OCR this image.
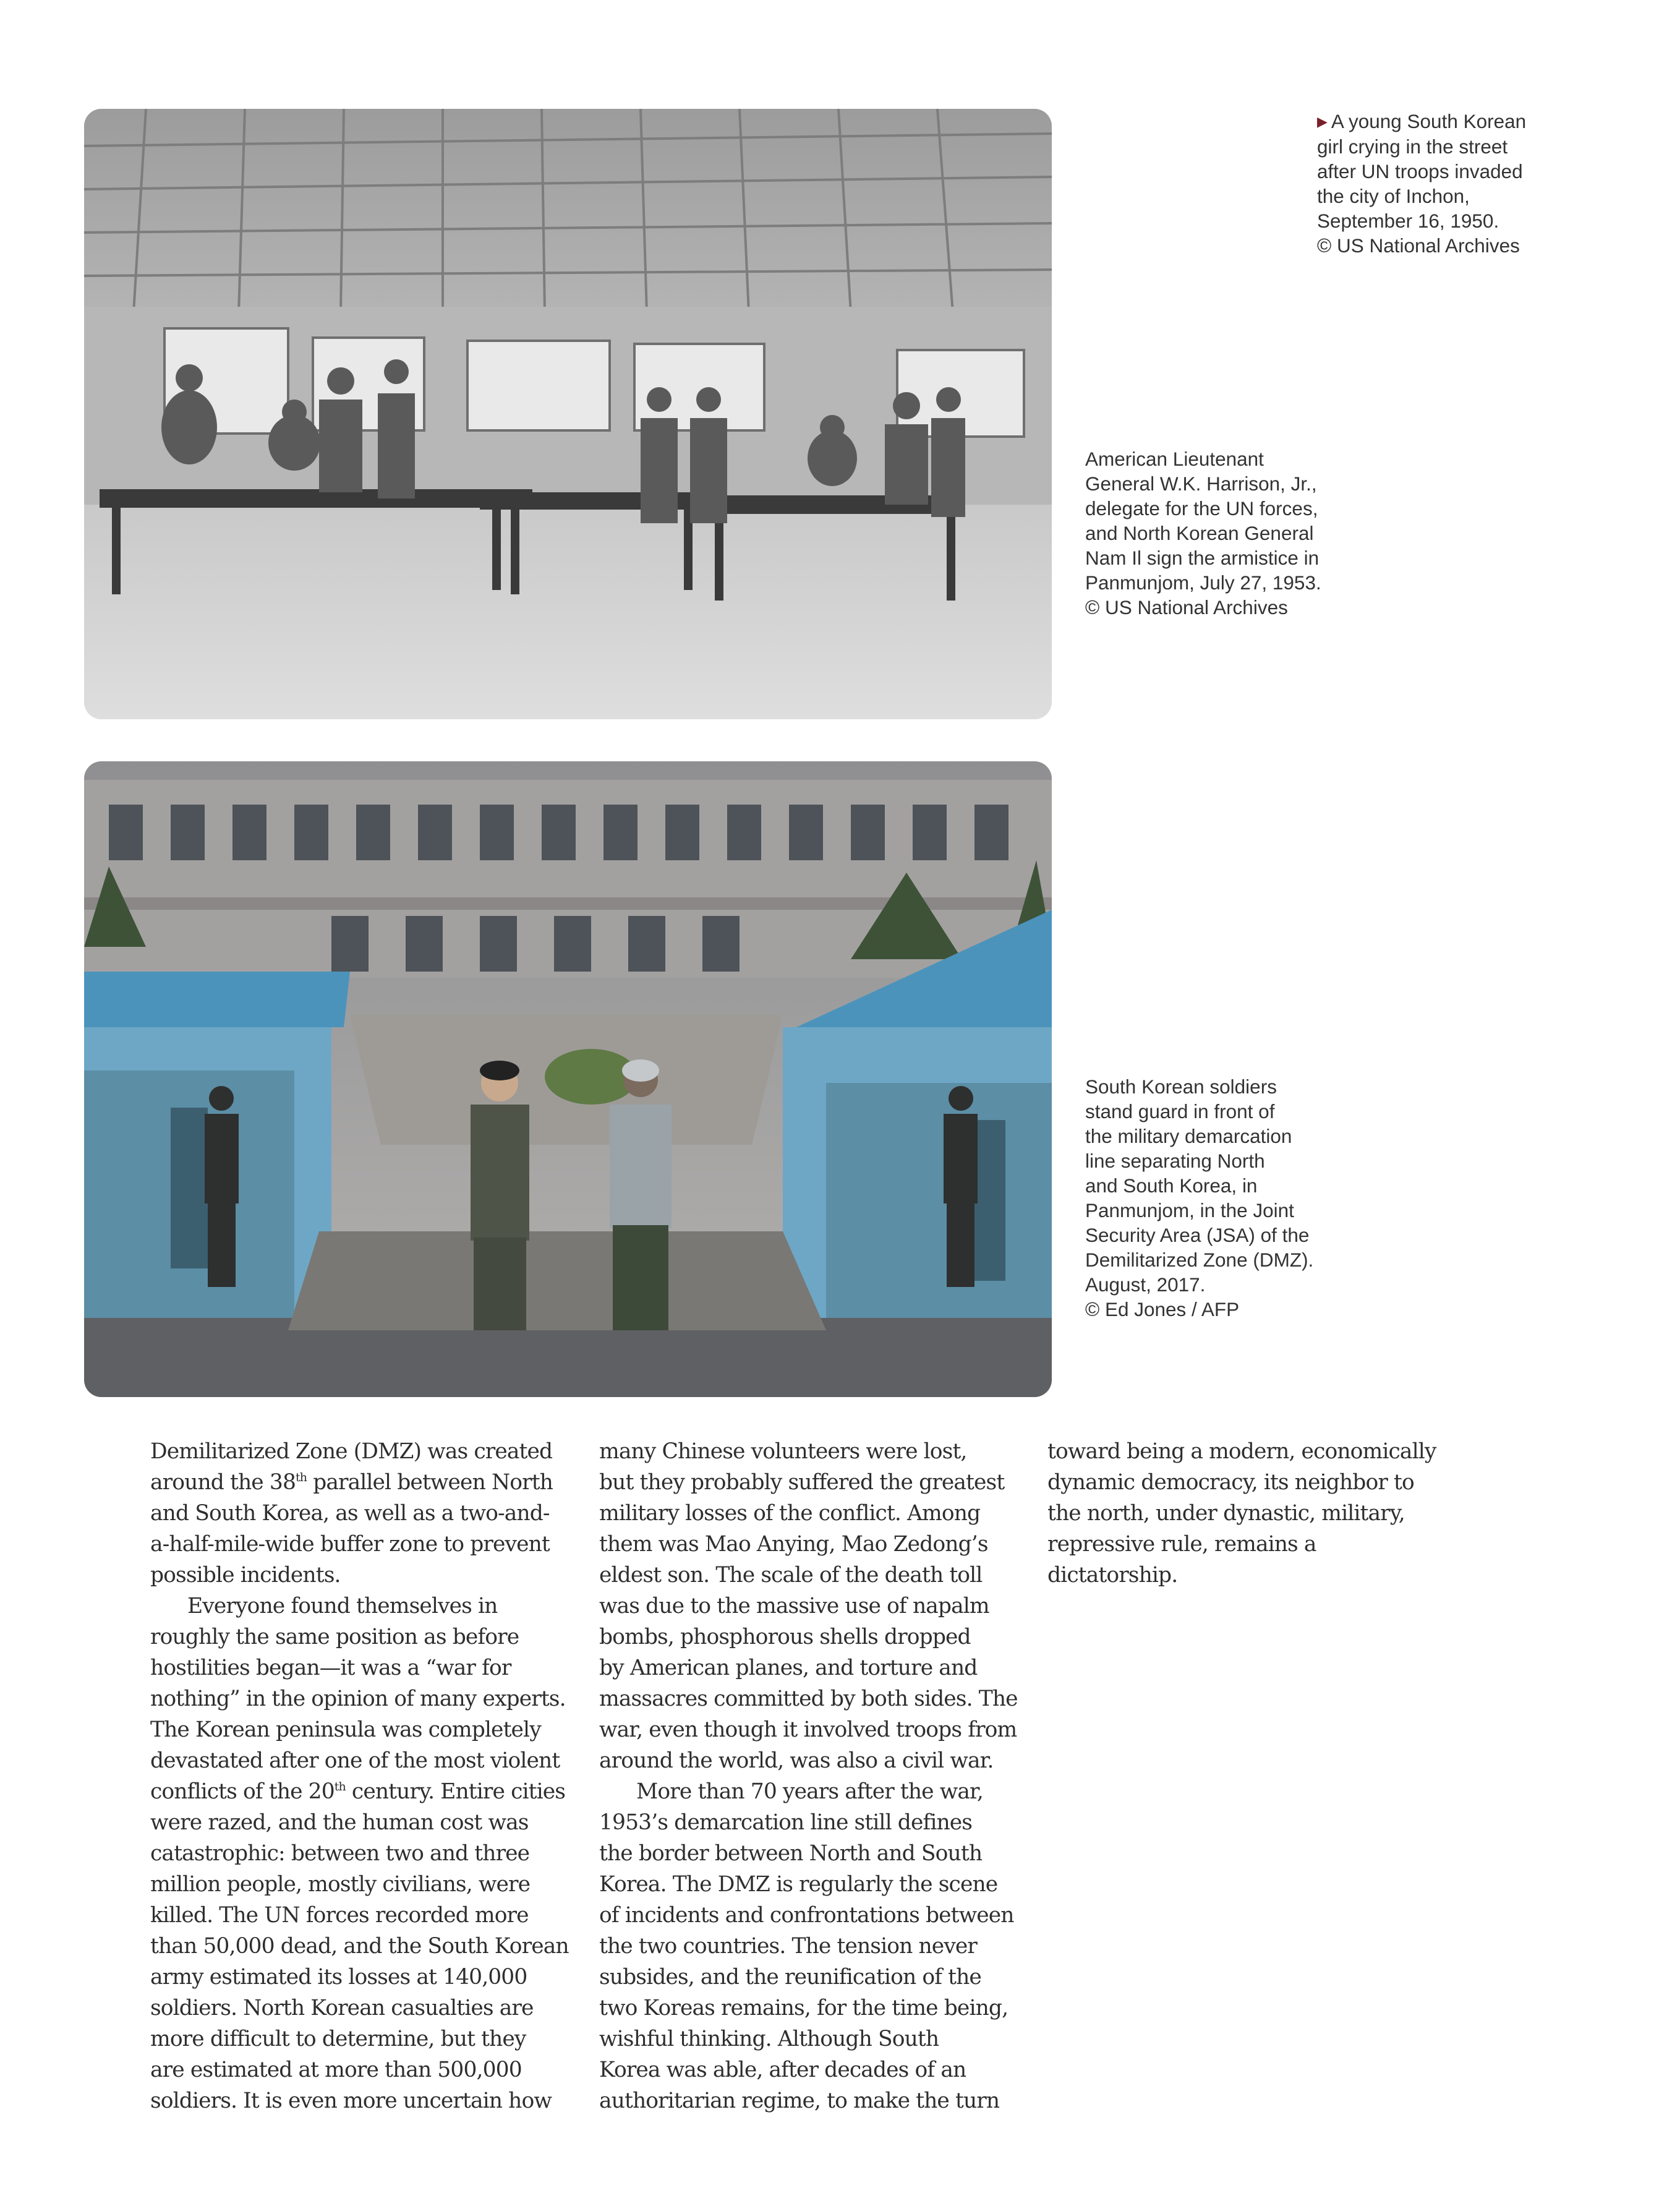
▶ A young South Korean
girl crying in the street
after UN troops invaded
the city of Inchon,
September 16, 1950.
© US National Archives

American Lieutenant
General W.K. Harrison, Jr.,
delegate for the UN forces,
and North Korean General
Nam Il sign the armistice in
Panmunjom, July 27, 1953.
© US National Archives
South Korean soldiers
stand guard in front of
the military demarcation
line separating North
and South Korea, in
Panmunjom, in the Joint
Security Area (JSA) of the
Demilitarized Zone (DMZ).
August, 2017.
© Ed Jones / AFP

Demilitarized Zone (DMZ) was created

around the 38th parallel between North

and South Korea, as well as a two-and-

a-half-mile-wide buffer zone to prevent

possible incidents.

Everyone found themselves in

roughly the same position as before

hostilities began—it was a “war for

nothing” in the opinion of many experts.

The Korean peninsula was completely

devastated after one of the most violent

conflicts of the 20th century. Entire cities

were razed, and the human cost was

catastrophic: between two and three

million people, mostly civilians, were

killed. The UN forces recorded more

than 50,000 dead, and the South Korean

army estimated its losses at 140,000

soldiers. North Korean casualties are

more difficult to determine, but they

are estimated at more than 500,000

soldiers. It is even more uncertain how

many Chinese volunteers were lost,

but they probably suffered the greatest

military losses of the conflict. Among

them was Mao Anying, Mao Zedong’s

eldest son. The scale of the death toll

was due to the massive use of napalm

bombs, phosphorous shells dropped

by American planes, and torture and

massacres committed by both sides. The

war, even though it involved troops from

around the world, was also a civil war.

More than 70 years after the war,

1953’s demarcation line still defines

the border between North and South

Korea. The DMZ is regularly the scene

of incidents and confrontations between

the two countries. The tension never

subsides, and the reunification of the

two Koreas remains, for the time being,

wishful thinking. Although South

Korea was able, after decades of an

authoritarian regime, to make the turn

toward being a modern, economically

dynamic democracy, its neighbor to

the north, under dynastic, military,

repressive rule, remains a

dictatorship.
